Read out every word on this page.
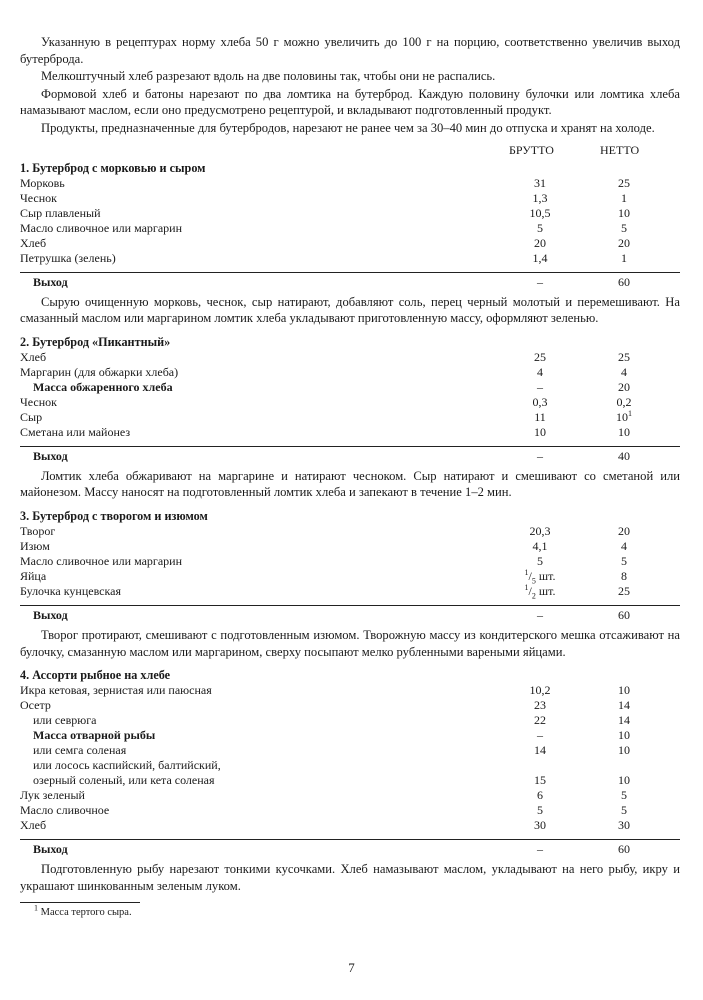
Указанную в рецептурах норму хлеба 50 г можно увеличить до 100 г на порцию, соответственно увеличив выход бутерброда.

Мелкоштучный хлеб разрезают вдоль на две половины так, чтобы они не распались.

Формовой хлеб и батоны нарезают по два ломтика на бутерброд. Каждую половину булочки или ломтика хлеба намазывают маслом, если оно предусмотрено рецептурой, и вкладывают подготовленный продукт.

Продукты, предназначенные для бутербродов, нарезают не ранее чем за 30–40 мин до отпуска и хранят на холоде.

БРУТТО	НЕТТО
1. Бутерброд с морковью и сыром
Морковь	31	25
Чеснок	1,3	1
Сыр плавленый	10,5	10
Масло сливочное или маргарин	5	5
Хлеб	20	20
Петрушка (зелень)	1,4	1
Выход	–	60

Сырую очищенную морковь, чеснок, сыр натирают, добавляют соль, перец черный молотый и перемешивают. На смазанный маслом или маргарином ломтик хлеба укладывают приготовленную массу, оформляют зеленью.

2. Бутерброд «Пикантный»
Хлеб	25	25
Маргарин (для обжарки хлеба)	4	4
Масса обжаренного хлеба	–	20
Чеснок	0,3	0,2
Сыр	11	$10^1$
Сметана или майонез	10	10
Выход	–	40

Ломтик хлеба обжаривают на маргарине и натирают чесноком. Сыр натирают и смешивают со сметаной или майонезом. Массу наносят на подготовленный ломтик хлеба и запекают в течение 1–2 мин.

3. Бутерброд с творогом и изюмом
Творог	20,3	20
Изюм	4,1	4
Масло сливочное или маргарин	5	5
Яйца	$^1/_5$ шт.	8
Булочка кунцевская	$^1/_2$ шт.	25
Выход	–	60

Творог протирают, смешивают с подготовленным изюмом. Творожную массу из кондитерского мешка отсаживают на булочку, смазанную маслом или маргарином, сверху посыпают мелко рубленными вареными яйцами.

4. Ассорти рыбное на хлебе
Икра кетовая, зернистая или паюсная	10,2	10
Осетр	23	14
или севрюга	22	14
Масса отварной рыбы	–	10
или семга соленая	14	10
или лосось каспийский, балтийский,
озерный соленый, или кета соленая	15	10
Лук зеленый	6	5
Масло сливочное	5	5
Хлеб	30	30
Выход	–	60

Подготовленную рыбу нарезают тонкими кусочками. Хлеб намазывают маслом, укладывают на него рыбу, икру и украшают шинкованным зеленым луком.

$^1$ Масса тертого сыра.
7
